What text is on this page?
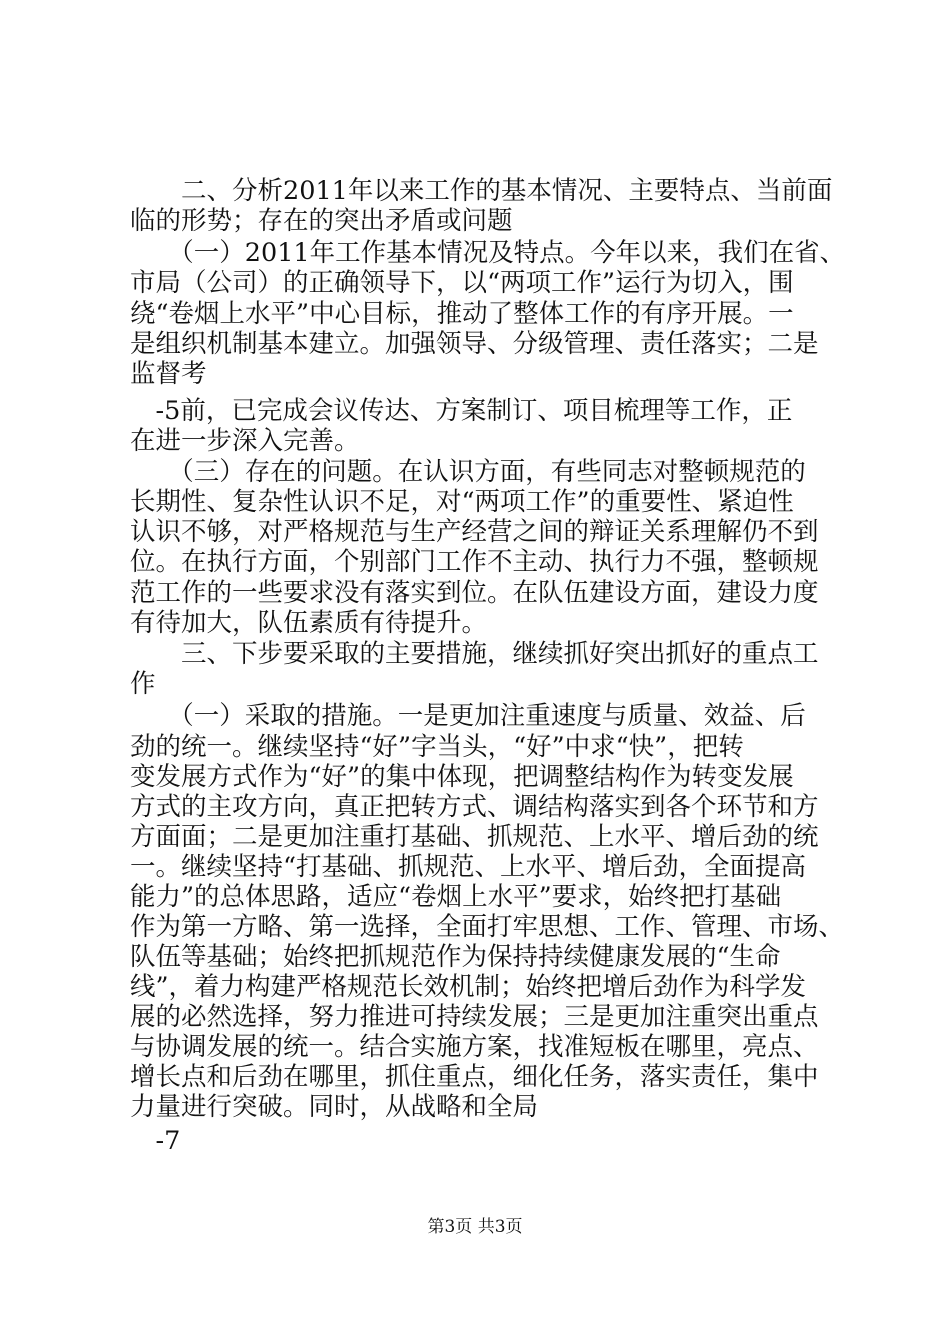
　　二、分析2011年以来工作的基本情况、主要特点、当前面

临的形势；存在的突出矛盾或问题

　　（一）2011年工作基本情况及特点。今年以来，我们在省、

市局（公司）的正确领导下，以“两项工作”运行为切入，围

绕“卷烟上水平”中心目标，推动了整体工作的有序开展。一

是组织机制基本建立。加强领导、分级管理、责任落实；二是

监督考

　-5前，已完成会议传达、方案制订、项目梳理等工作，正

在进一步深入完善。

　　（三）存在的问题。在认识方面，有些同志对整顿规范的

长期性、复杂性认识不足，对“两项工作”的重要性、紧迫性

认识不够，对严格规范与生产经营之间的辩证关系理解仍不到

位。在执行方面，个别部门工作不主动、执行力不强，整顿规

范工作的一些要求没有落实到位。在队伍建设方面，建设力度

有待加大，队伍素质有待提升。

　　三、下步要采取的主要措施，继续抓好突出抓好的重点工

作

　　（一）采取的措施。一是更加注重速度与质量、效益、后

劲的统一。继续坚持“好”字当头，“好”中求“快”，把转

变发展方式作为“好”的集中体现，把调整结构作为转变发展

方式的主攻方向，真正把转方式、调结构落实到各个环节和方

方面面；二是更加注重打基础、抓规范、上水平、增后劲的统

一。继续坚持“打基础、抓规范、上水平、增后劲，全面提高

能力”的总体思路，适应“卷烟上水平”要求，始终把打基础

作为第一方略、第一选择，全面打牢思想、工作、管理、市场、

队伍等基础；始终把抓规范作为保持持续健康发展的“生命

线”，着力构建严格规范长效机制；始终把增后劲作为科学发

展的必然选择，努力推进可持续发展；三是更加注重突出重点

与协调发展的统一。结合实施方案，找准短板在哪里，亮点、

增长点和后劲在哪里，抓住重点，细化任务，落实责任，集中

力量进行突破。同时，从战略和全局

　-7

第3页 共3页
